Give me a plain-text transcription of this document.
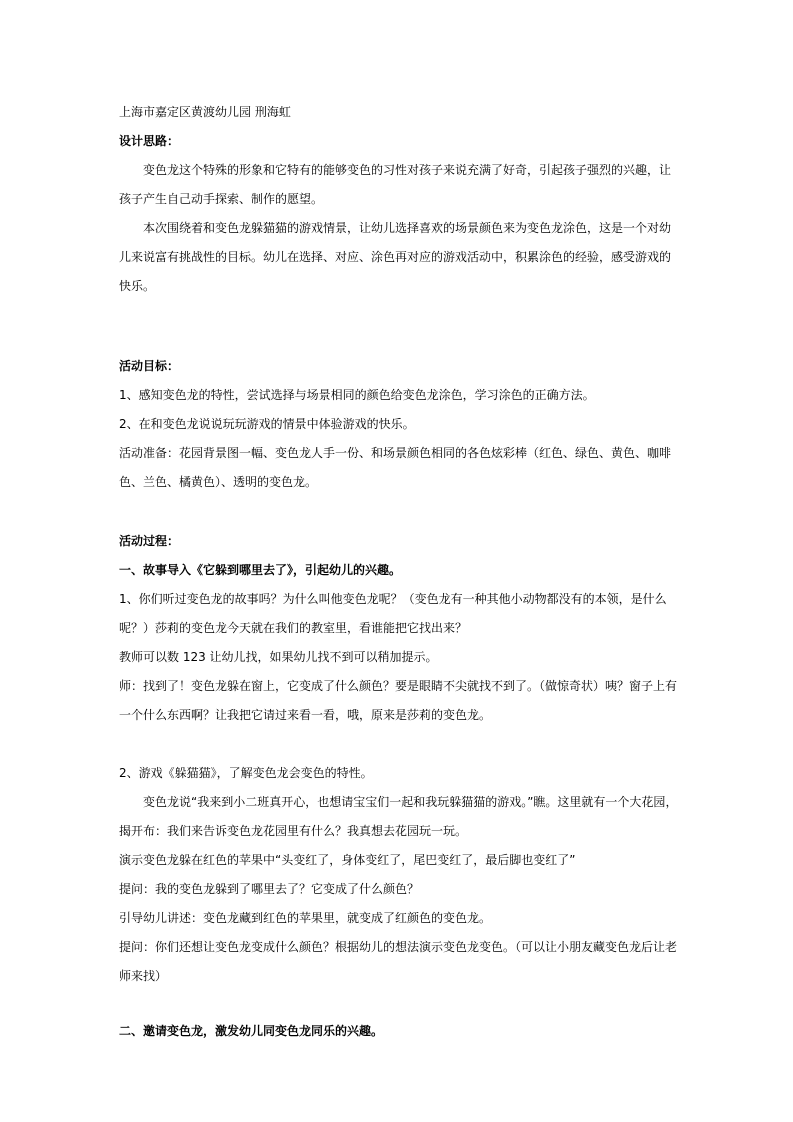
上海市嘉定区黄渡幼儿园 刑海虹

设计思路：

变色龙这个特殊的形象和它特有的能够变色的习性对孩子来说充满了好奇，引起孩子强烈的兴趣，让孩子产生自己动手探索、制作的愿望。

本次围绕着和变色龙躲猫猫的游戏情景，让幼儿选择喜欢的场景颜色来为变色龙涂色，这是一个对幼儿来说富有挑战性的目标。幼儿在选择、对应、涂色再对应的游戏活动中，积累涂色的经验，感受游戏的快乐。

活动目标：

1、感知变色龙的特性，尝试选择与场景相同的颜色给变色龙涂色，学习涂色的正确方法。

2、在和变色龙说说玩玩游戏的情景中体验游戏的快乐。

活动准备：花园背景图一幅、变色龙人手一份、和场景颜色相同的各色炫彩棒（红色、绿色、黄色、咖啡色、兰色、橘黄色）、透明的变色龙。

活动过程：

一、故事导入《它躲到哪里去了》，引起幼儿的兴趣。

1、你们听过变色龙的故事吗？为什么叫他变色龙呢？（变色龙有一种其他小动物都没有的本领，是什么呢？）莎莉的变色龙今天就在我们的教室里，看谁能把它找出来？

教师可以数 123 让幼儿找，如果幼儿找不到可以稍加提示。

师：找到了！变色龙躲在窗上，它变成了什么颜色？要是眼睛不尖就找不到了。（做惊奇状）咦？窗子上有一个什么东西啊？让我把它请过来看一看，哦，原来是莎莉的变色龙。

2、游戏《躲猫猫》，了解变色龙会变色的特性。

变色龙说“我来到小二班真开心，也想请宝宝们一起和我玩躲猫猫的游戏。”瞧。这里就有一个大花园，揭开布：我们来告诉变色龙花园里有什么？我真想去花园玩一玩。

演示变色龙躲在红色的苹果中“头变红了，身体变红了，尾巴变红了，最后脚也变红了”

提问：我的变色龙躲到了哪里去了？它变成了什么颜色？

引导幼儿讲述：变色龙藏到红色的苹果里，就变成了红颜色的变色龙。

提问：你们还想让变色龙变成什么颜色？根据幼儿的想法演示变色龙变色。（可以让小朋友藏变色龙后让老师来找）

二、邀请变色龙，激发幼儿同变色龙同乐的兴趣。
